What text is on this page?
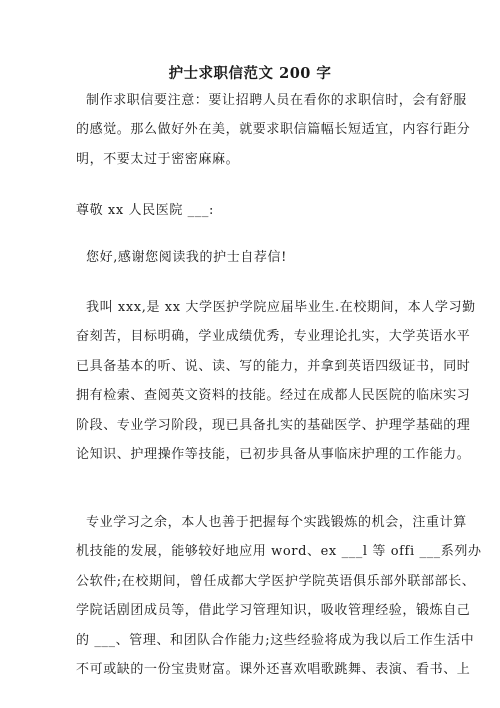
护士求职信范文 200 字
制作求职信要注意：要让招聘人员在看你的求职信时，会有舒服
的感觉。那么做好外在美，就要求职信篇幅长短适宜，内容行距分
明，不要太过于密密麻麻。
尊敬 xx 人民医院 ___:
您好,感谢您阅读我的护士自荐信!
我叫 xxx,是 xx 大学医护学院应届毕业生.在校期间，本人学习勤
奋刻苦，目标明确，学业成绩优秀，专业理论扎实，大学英语水平
已具备基本的听、说、读、写的能力，并拿到英语四级证书，同时
拥有检索、查阅英文资料的技能。经过在成都人民医院的临床实习
阶段、专业学习阶段，现已具备扎实的基础医学、护理学基础的理
论知识、护理操作等技能，已初步具备从事临床护理的工作能力。
专业学习之余，本人也善于把握每个实践锻炼的机会，注重计算
机技能的发展，能够较好地应用 word、ex ___l 等 offi ___系列办
公软件;在校期间，曾任成都大学医护学院英语俱乐部外联部部长、
学院话剧团成员等，借此学习管理知识，吸收管理经验，锻炼自己
的 ___、管理、和团队合作能力;这些经验将成为我以后工作生活中
不可或缺的一份宝贵财富。课外还喜欢唱歌跳舞、表演、看书、上
